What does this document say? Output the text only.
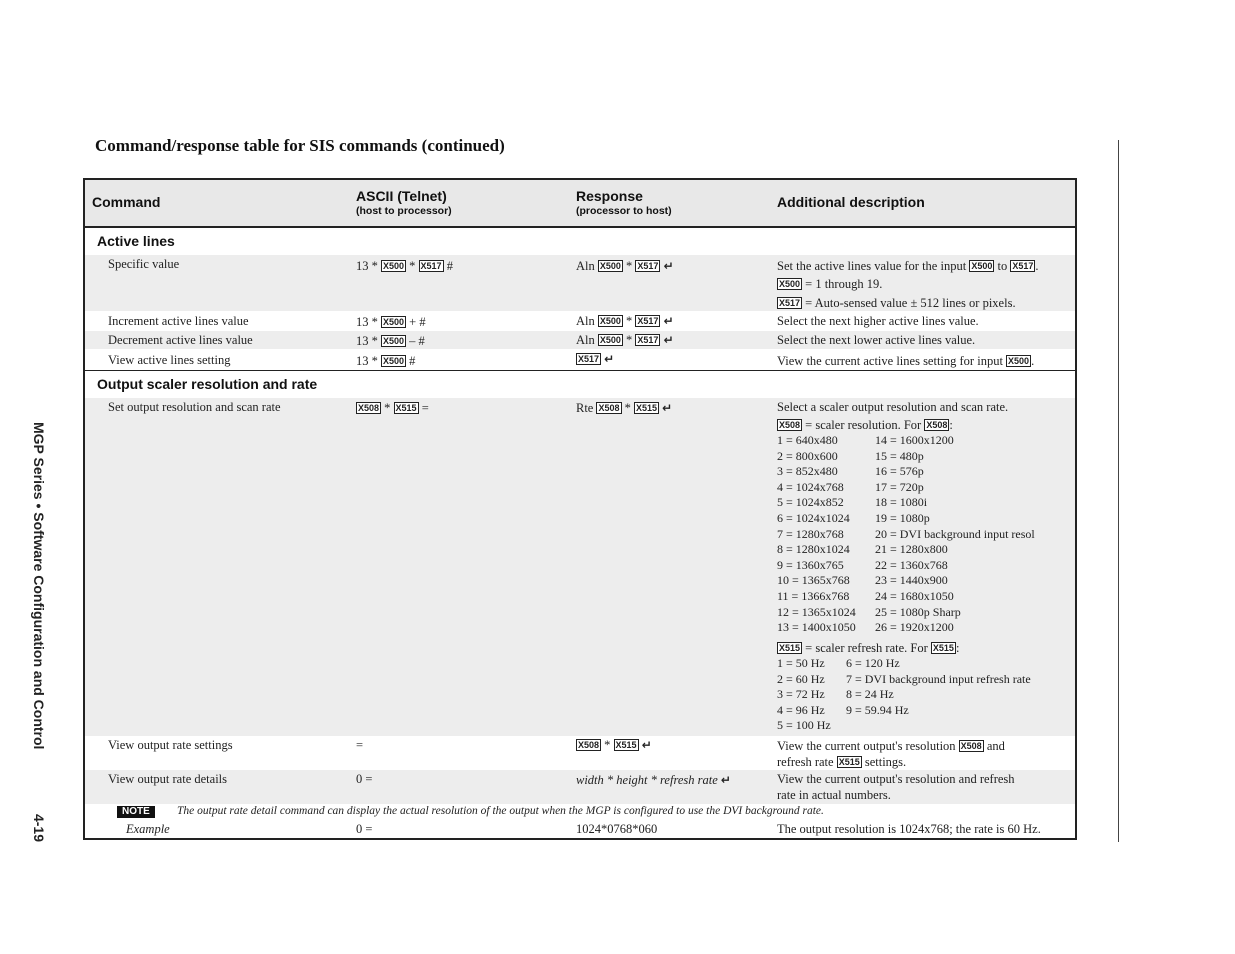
Command/response table for SIS commands (continued)
MGP Series • Software Configuration and Control
4-19
Command	ASCII (Telnet)
(host to processor)
Response
(processor to host)
Additional description
Active lines
Specific value	13 * X500 * X517 #	Aln X500 * X517 ↵	Set the active lines value for the input X500 to X517 .
X500 = 1 through 19.
X517 = Auto-sensed value ± 512 lines or pixels.
Increment active lines value	13 * X500 + #	Aln X500 * X517 ↵	Select the next higher active lines value.
Decrement active lines value	13 * X500 – #	Aln X500 * X517 ↵	Select the next lower active lines value.
View active lines setting	13 * X500 #	X517 ↵	View the current active lines setting for input X500 .
Output scaler resolution and rate
Set output resolution and scan rate	X508 * X515 =	Rte X508 * X515 ↵	Select a scaler output resolution and scan rate.
X508 = scaler resolution. For X508 :
1 = 640x480	14 = 1600x1200
2 = 800x600	15 = 480p
3 = 852x480	16 = 576p
4 = 1024x768	17 = 720p
5 = 1024x852	18 = 1080i
6 = 1024x1024 19 = 1080p
7 = 1280x768	20 = DVI background input resol
8 = 1280x1024 21 = 1280x800
9 = 1360x765	22 = 1360x768
10 = 1365x768 23 = 1440x900
11 = 1366x768 24 = 1680x1050
12 = 1365x1024 25 = 1080p Sharp
13 = 1400x1050 26 = 1920x1200
X515 = scaler refresh rate. For X515 :
1 = 50 Hz 6 = 120 Hz
2 = 60 Hz 7 = DVI background input refresh rate
3 = 72 Hz 8 = 24 Hz
4 = 96 Hz 9 = 59.94 Hz
5 = 100 Hz
View output rate settings	=	X508 * X515 ↵	View the current output's resolution X508 and
refresh rate X515 settings.
View output rate details	0 =	width * height * refresh rate ↵	View the current output's resolution and refresh
rate in actual numbers.
NOTE	The output rate detail command can display the actual resolution of the output when the MGP is configured to use the DVI background rate.
Example	0 =	1024*0768*060	The output resolution is 1024x768; the rate is 60 Hz.
